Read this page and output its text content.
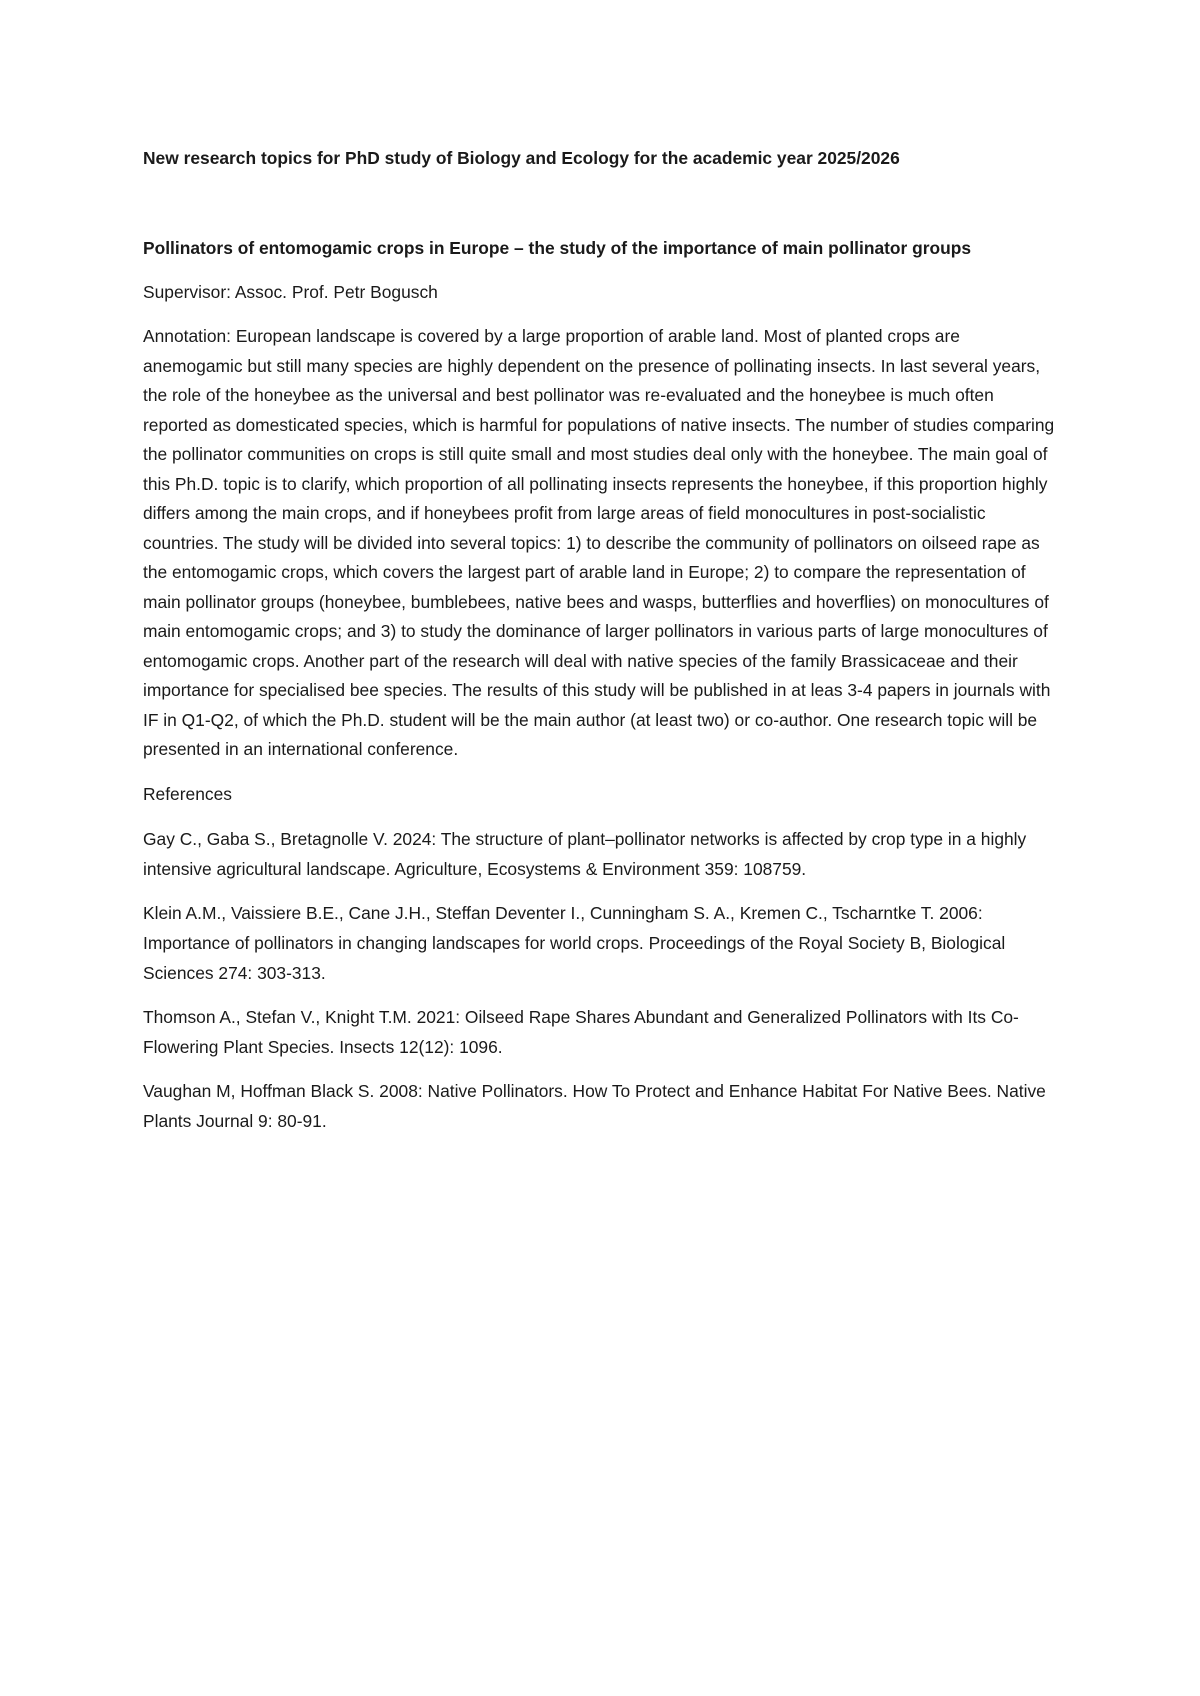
New research topics for PhD study of Biology and Ecology for the academic year 2025/2026

Pollinators of entomogamic crops in Europe – the study of the importance of main pollinator groups

Supervisor: Assoc. Prof. Petr Bogusch

Annotation: European landscape is covered by a large proportion of arable land. Most of planted crops are anemogamic but still many species are highly dependent on the presence of pollinating insects. In last several years, the role of the honeybee as the universal and best pollinator was re-evaluated and the honeybee is much often reported as domesticated species, which is harmful for populations of native insects. The number of studies comparing the pollinator communities on crops is still quite small and most studies deal only with the honeybee. The main goal of this Ph.D. topic is to clarify, which proportion of all pollinating insects represents the honeybee, if this proportion highly differs among the main crops, and if honeybees profit from large areas of field monocultures in post-socialistic countries. The study will be divided into several topics: 1) to describe the community of pollinators on oilseed rape as the entomogamic crops, which covers the largest part of arable land in Europe; 2) to compare the representation of main pollinator groups (honeybee, bumblebees, native bees and wasps, butterflies and hoverflies) on monocultures of main entomogamic crops; and 3) to study the dominance of larger pollinators in various parts of large monocultures of entomogamic crops. Another part of the research will deal with native species of the family Brassicaceae and their importance for specialised bee species. The results of this study will be published in at leas 3-4 papers in journals with IF in Q1-Q2, of which the Ph.D. student will be the main author (at least two) or co-author. One research topic will be presented in an international conference.

References

Gay C., Gaba S., Bretagnolle V. 2024: The structure of plant–pollinator networks is affected by crop type in a highly intensive agricultural landscape. Agriculture, Ecosystems & Environment 359: 108759.
Klein A.M., Vaissiere B.E., Cane J.H., Steffan Deventer I., Cunningham S. A., Kremen C., Tscharntke T. 2006: Importance of pollinators in changing landscapes for world crops. Proceedings of the Royal Society B, Biological Sciences 274: 303-313.
Thomson A., Stefan V., Knight T.M. 2021: Oilseed Rape Shares Abundant and Generalized Pollinators with Its Co-Flowering Plant Species. Insects 12(12): 1096.
Vaughan M, Hoffman Black S. 2008: Native Pollinators. How To Protect and Enhance Habitat For Native Bees. Native Plants Journal 9: 80-91.
